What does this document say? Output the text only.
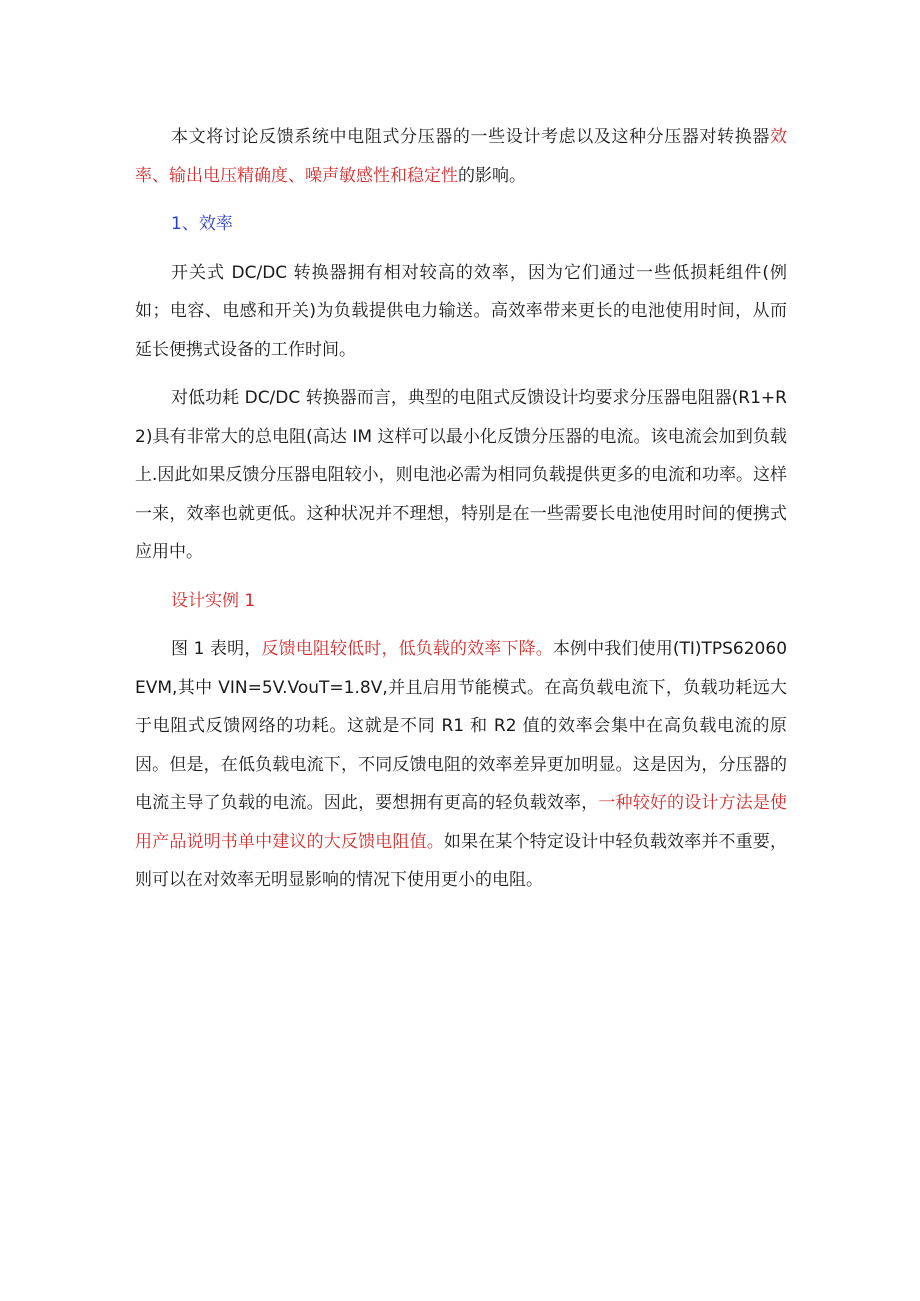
本文将讨论反馈系统中电阻式分压器的一些设计考虑以及这种分压器对转换器效率、输出电压精确度、噪声敏感性和稳定性的影响。

1、效率

开关式 DC/DC 转换器拥有相对较高的效率，因为它们通过一些低损耗组件(例如；电容、电感和开关)为负载提供电力输送。高效率带来更长的电池使用时间，从而延长便携式设备的工作时间。

对低功耗 DC/DC 转换器而言，典型的电阻式反馈设计均要求分压器电阻器(R1+R2)具有非常大的总电阻(高达 IM 这样可以最小化反馈分压器的电流。该电流会加到负载上.因此如果反馈分压器电阻较小，则电池必需为相同负载提供更多的电流和功率。这样一来，效率也就更低。这种状况并不理想，特别是在一些需要长电池使用时间的便携式应用中。

设计实例 1

图 1 表明，反馈电阻较低时，低负载的效率下降。本例中我们使用(TI)TPS62060EVM,其中 VIN=5V.VouT=1.8V,并且启用节能模式。在高负载电流下，负载功耗远大于电阻式反馈网络的功耗。这就是不同 R1 和 R2 值的效率会集中在高负载电流的原因。但是，在低负载电流下，不同反馈电阻的效率差异更加明显。这是因为，分压器的电流主导了负载的电流。因此，要想拥有更高的轻负载效率，一种较好的设计方法是使用产品说明书单中建议的大反馈电阻值。如果在某个特定设计中轻负载效率并不重要，则可以在对效率无明显影响的情况下使用更小的电阻。
